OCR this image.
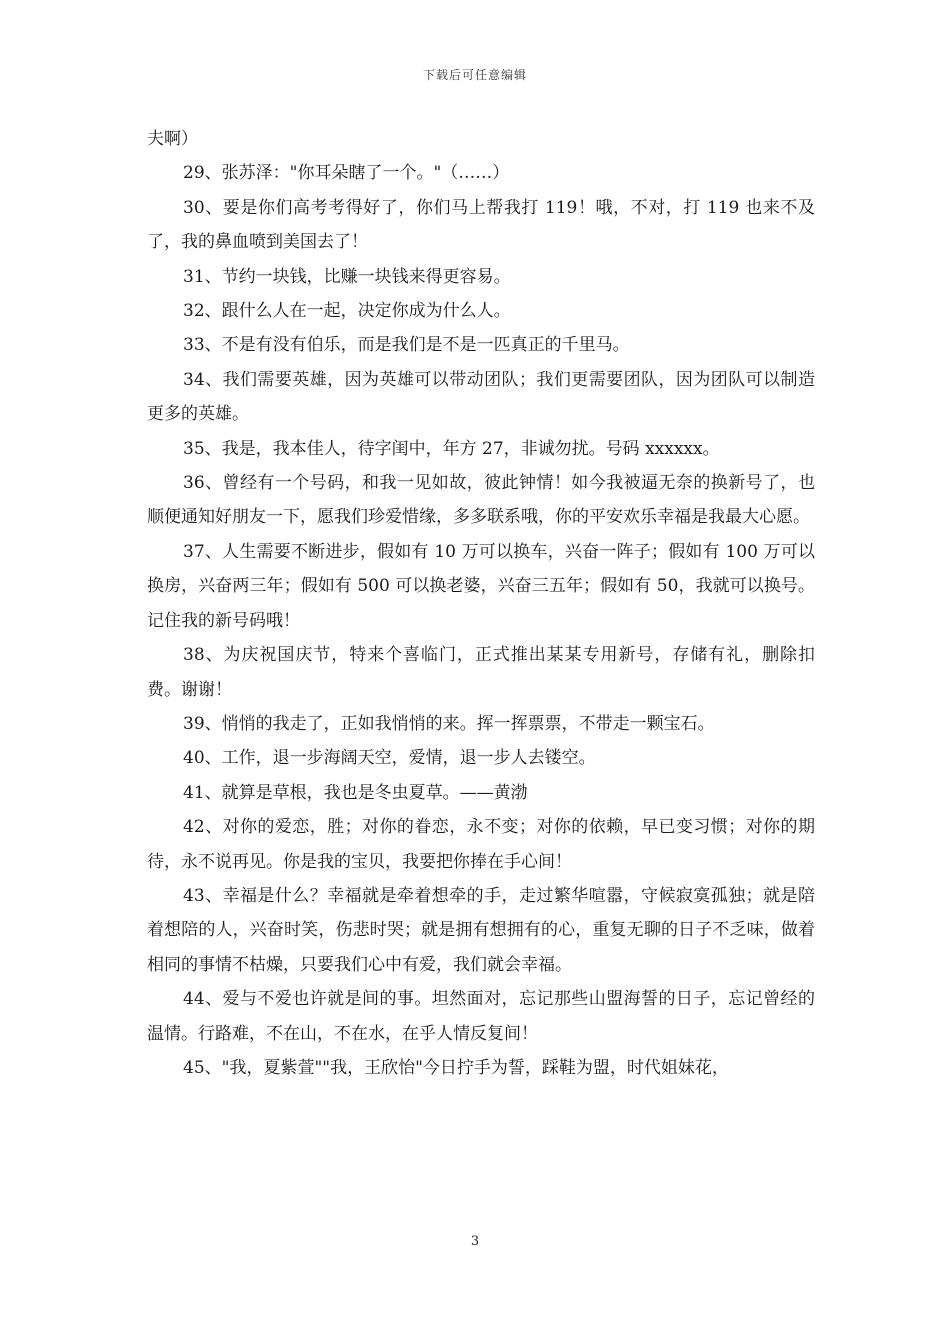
下载后可任意编辑

夫啊）

29、张苏泽："你耳朵瞎了一个。"（……）

30、要是你们高考考得好了，你们马上帮我打 119！哦，不对，打 119 也来不及了，我的鼻血喷到美国去了！

31、节约一块钱，比赚一块钱来得更容易。

32、跟什么人在一起，决定你成为什么人。

33、不是有没有伯乐，而是我们是不是一匹真正的千里马。

34、我们需要英雄，因为英雄可以带动团队；我们更需要团队，因为团队可以制造更多的英雄。

35、我是，我本佳人，待字闺中，年方 27，非诚勿扰。号码 xxxxxx。

36、曾经有一个号码，和我一见如故，彼此钟情！如今我被逼无奈的换新号了，也顺便通知好朋友一下，愿我们珍爱惜缘，多多联系哦，你的平安欢乐幸福是我最大心愿。

37、人生需要不断进步，假如有 10 万可以换车，兴奋一阵子；假如有 100 万可以换房，兴奋两三年；假如有 500 可以换老婆，兴奋三五年；假如有 50，我就可以换号。记住我的新号码哦！

38、为庆祝国庆节，特来个喜临门，正式推出某某专用新号，存储有礼，删除扣费。谢谢！

39、悄悄的我走了，正如我悄悄的来。挥一挥票票，不带走一颗宝石。

40、工作，退一步海阔天空，爱情，退一步人去镂空。

41、就算是草根，我也是冬虫夏草。——黄渤

42、对你的爱恋，胜；对你的眷恋，永不变；对你的依赖，早已变习惯；对你的期待，永不说再见。你是我的宝贝，我要把你捧在手心间！

43、幸福是什么？幸福就是牵着想牵的手，走过繁华喧嚣，守候寂寞孤独；就是陪着想陪的人，兴奋时笑，伤悲时哭；就是拥有想拥有的心，重复无聊的日子不乏味，做着相同的事情不枯燥，只要我们心中有爱，我们就会幸福。

44、爱与不爱也许就是间的事。坦然面对，忘记那些山盟海誓的日子，忘记曾经的温情。行路难，不在山，不在水，在乎人情反复间！

45、"我，夏紫萱""我，王欣怡"今日拧手为誓，踩鞋为盟，时代姐妹花，

3
